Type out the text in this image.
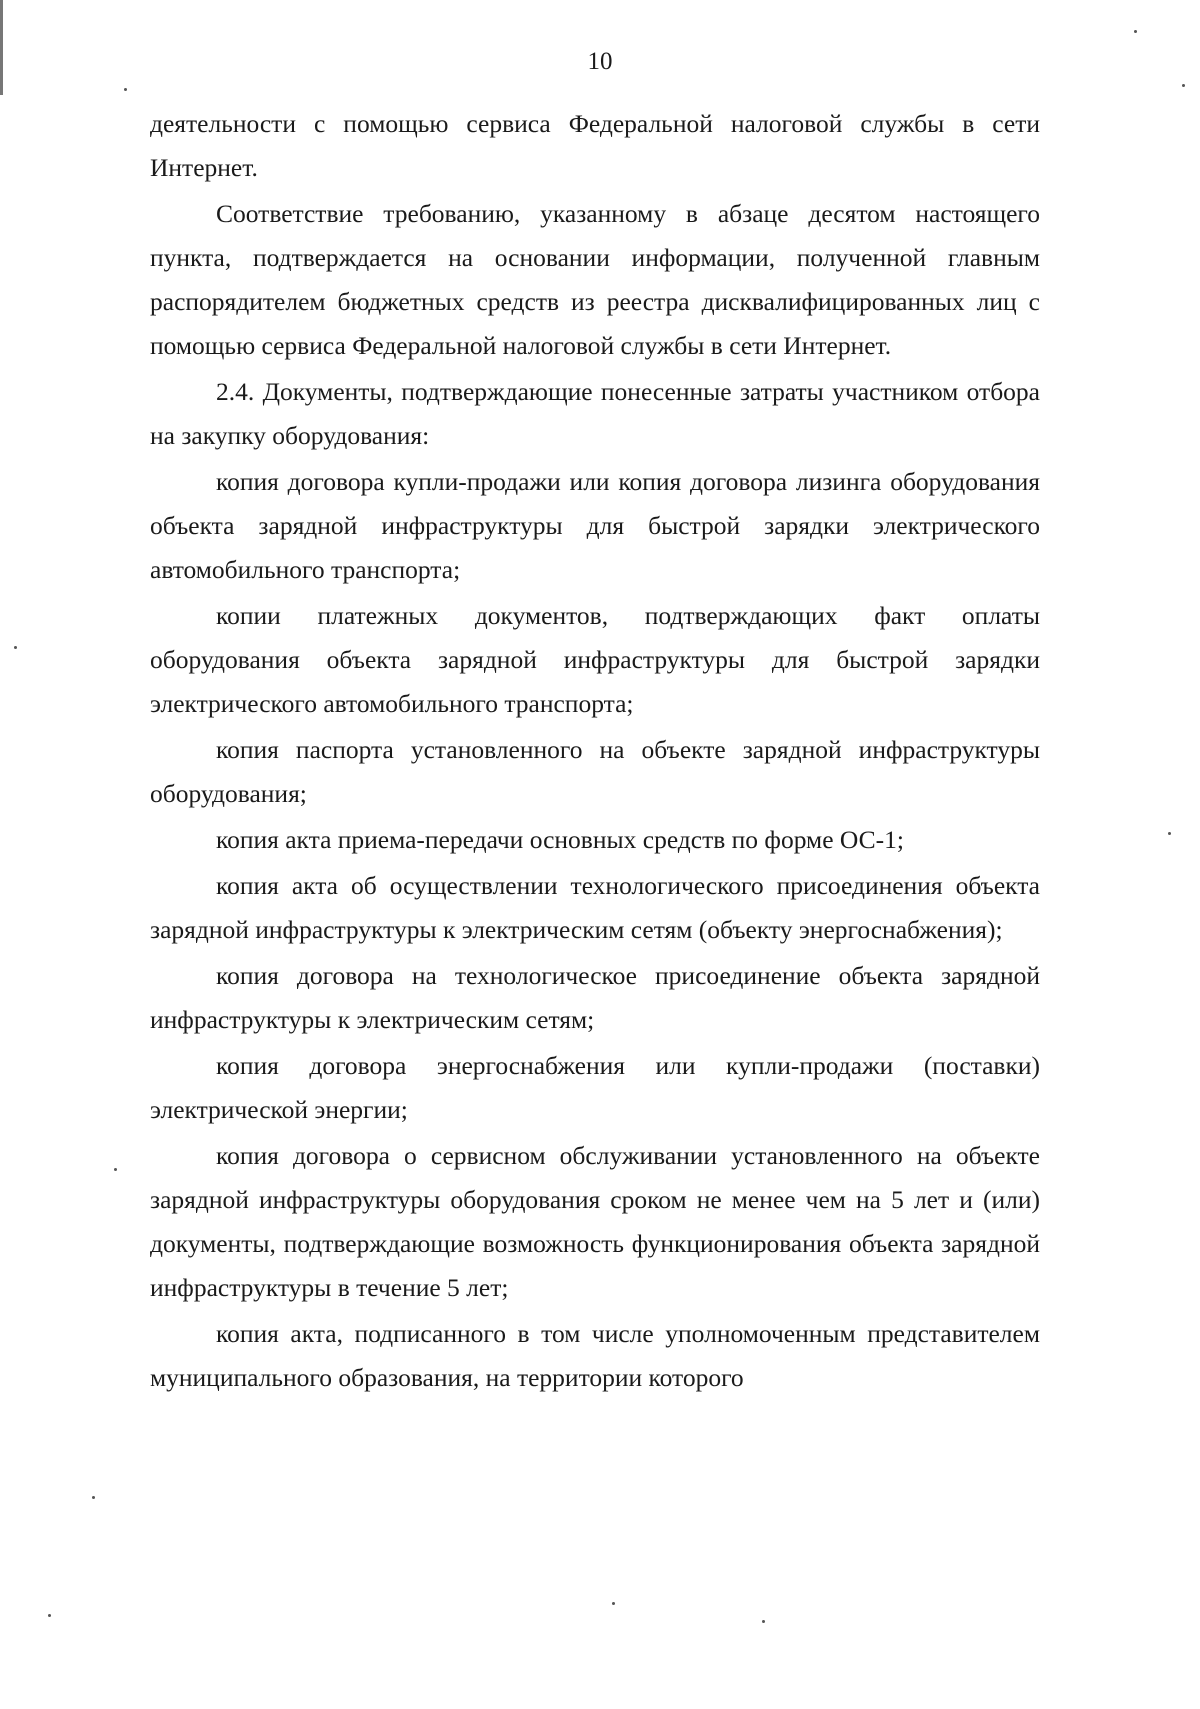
10

деятельности с помощью сервиса Федеральной налоговой службы в сети Интернет.

Соответствие требованию, указанному в абзаце десятом настоящего пункта, подтверждается на основании информации, полученной главным распорядителем бюджетных средств из реестра дисквалифицированных лиц с помощью сервиса Федеральной налоговой службы в сети Интернет.

2.4. Документы, подтверждающие понесенные затраты участником отбора на закупку оборудования:

копия договора купли-продажи или копия договора лизинга оборудования объекта зарядной инфраструктуры для быстрой зарядки электрического автомобильного транспорта;

копии платежных документов, подтверждающих факт оплаты оборудования объекта зарядной инфраструктуры для быстрой зарядки электрического автомобильного транспорта;

копия паспорта установленного на объекте зарядной инфраструктуры оборудования;

копия акта приема-передачи основных средств по форме ОС-1;

копия акта об осуществлении технологического присоединения объекта зарядной инфраструктуры к электрическим сетям (объекту энергоснабжения);

копия договора на технологическое присоединение объекта зарядной инфраструктуры к электрическим сетям;

копия договора энергоснабжения или купли-продажи (поставки) электрической энергии;

копия договора о сервисном обслуживании установленного на объекте зарядной инфраструктуры оборудования сроком не менее чем на 5 лет и (или) документы, подтверждающие возможность функционирования объекта зарядной инфраструктуры в течение 5 лет;

копия акта, подписанного в том числе уполномоченным представителем муниципального образования, на территории которого
